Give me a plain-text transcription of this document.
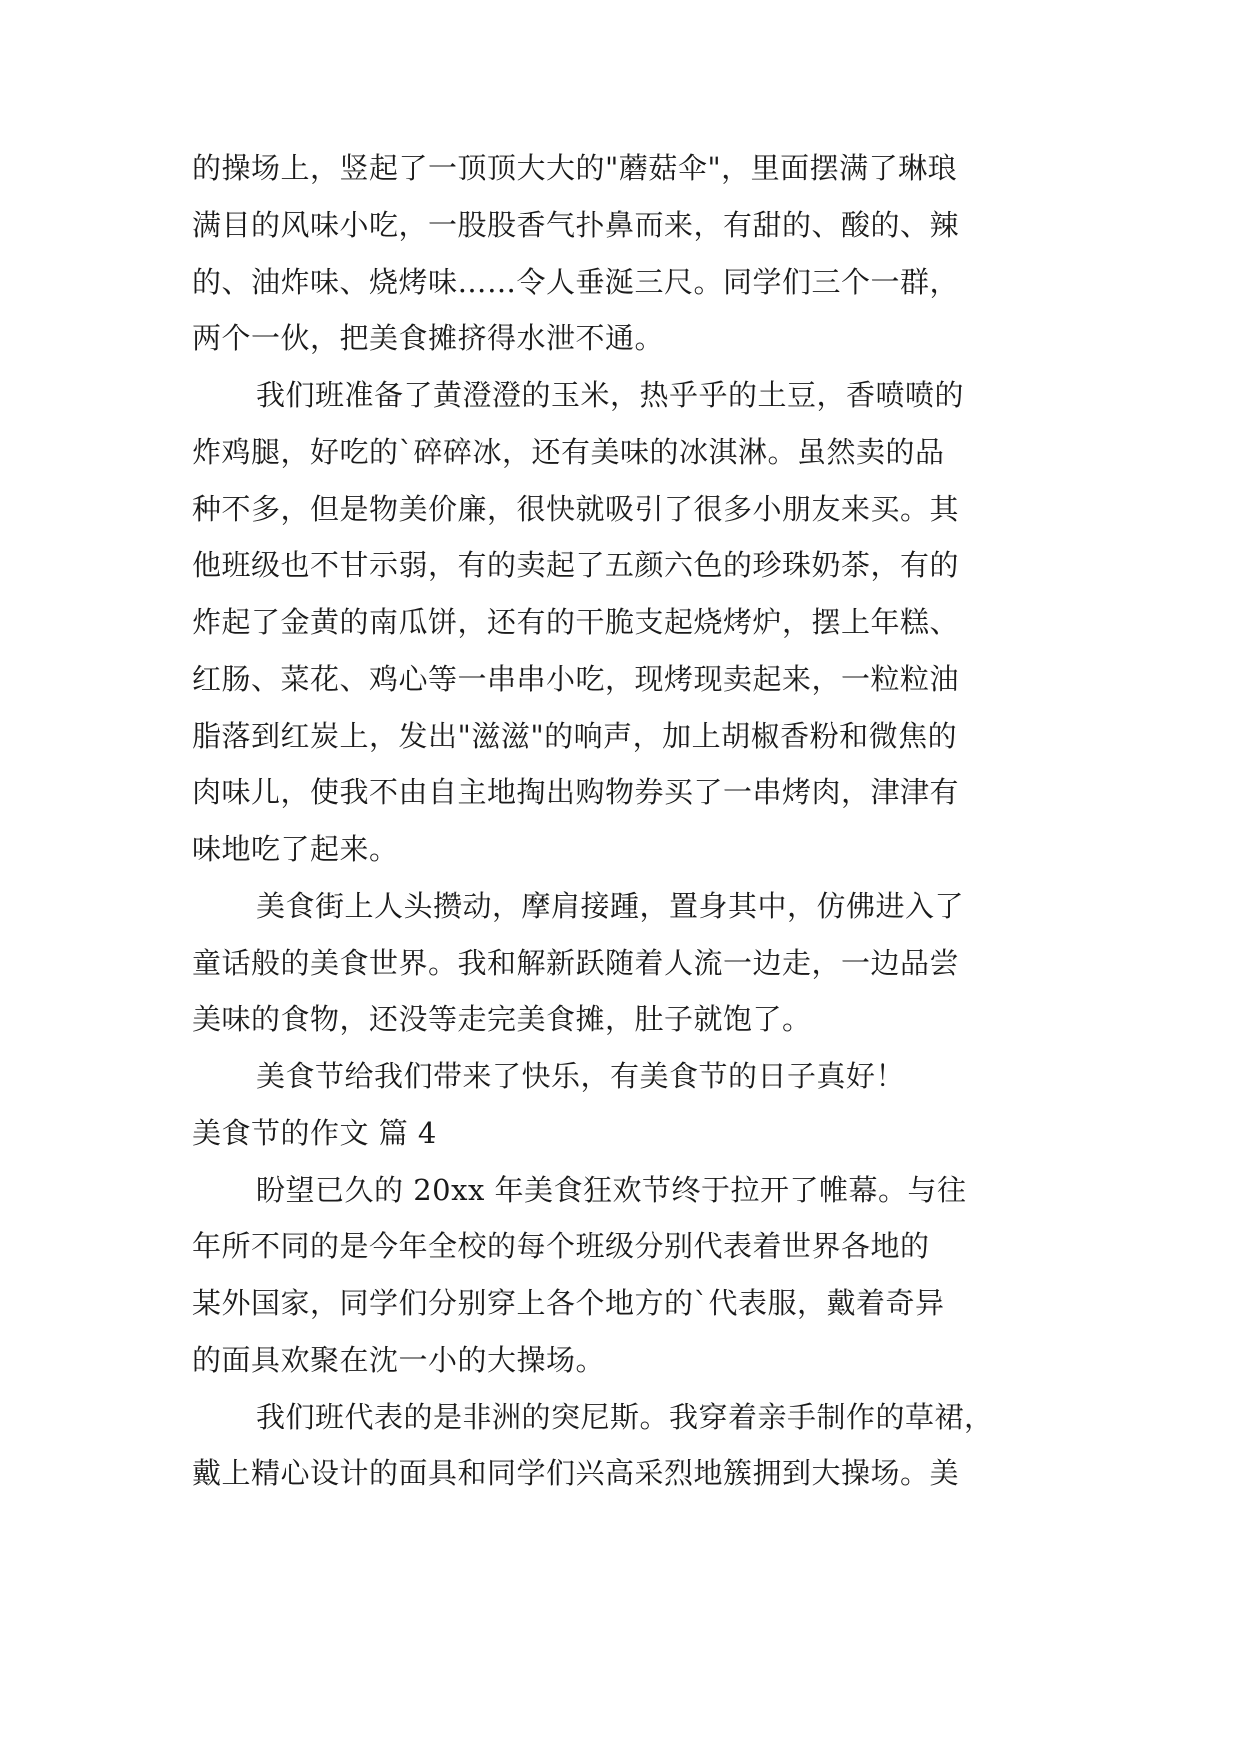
的操场上，竖起了一顶顶大大的"蘑菇伞"，里面摆满了琳琅
满目的风味小吃，一股股香气扑鼻而来，有甜的、酸的、辣
的、油炸味、烧烤味……令人垂涎三尺。同学们三个一群，
两个一伙，把美食摊挤得水泄不通。
我们班准备了黄澄澄的玉米，热乎乎的土豆，香喷喷的
炸鸡腿，好吃的`碎碎冰，还有美味的冰淇淋。虽然卖的品
种不多，但是物美价廉，很快就吸引了很多小朋友来买。其
他班级也不甘示弱，有的卖起了五颜六色的珍珠奶茶，有的
炸起了金黄的南瓜饼，还有的干脆支起烧烤炉，摆上年糕、
红肠、菜花、鸡心等一串串小吃，现烤现卖起来，一粒粒油
脂落到红炭上，发出"滋滋"的响声，加上胡椒香粉和微焦的
肉味儿，使我不由自主地掏出购物券买了一串烤肉，津津有
味地吃了起来。
美食街上人头攒动，摩肩接踵，置身其中，仿佛进入了
童话般的美食世界。我和解新跃随着人流一边走，一边品尝
美味的食物，还没等走完美食摊，肚子就饱了。
美食节给我们带来了快乐，有美食节的日子真好！
美食节的作文 篇 4
盼望已久的 20xx 年美食狂欢节终于拉开了帷幕。与往
年所不同的是今年全校的每个班级分别代表着世界各地的
某外国家，同学们分别穿上各个地方的`代表服，戴着奇异
的面具欢聚在沈一小的大操场。
我们班代表的是非洲的突尼斯。我穿着亲手制作的草裙，
戴上精心设计的面具和同学们兴高采烈地簇拥到大操场。美
